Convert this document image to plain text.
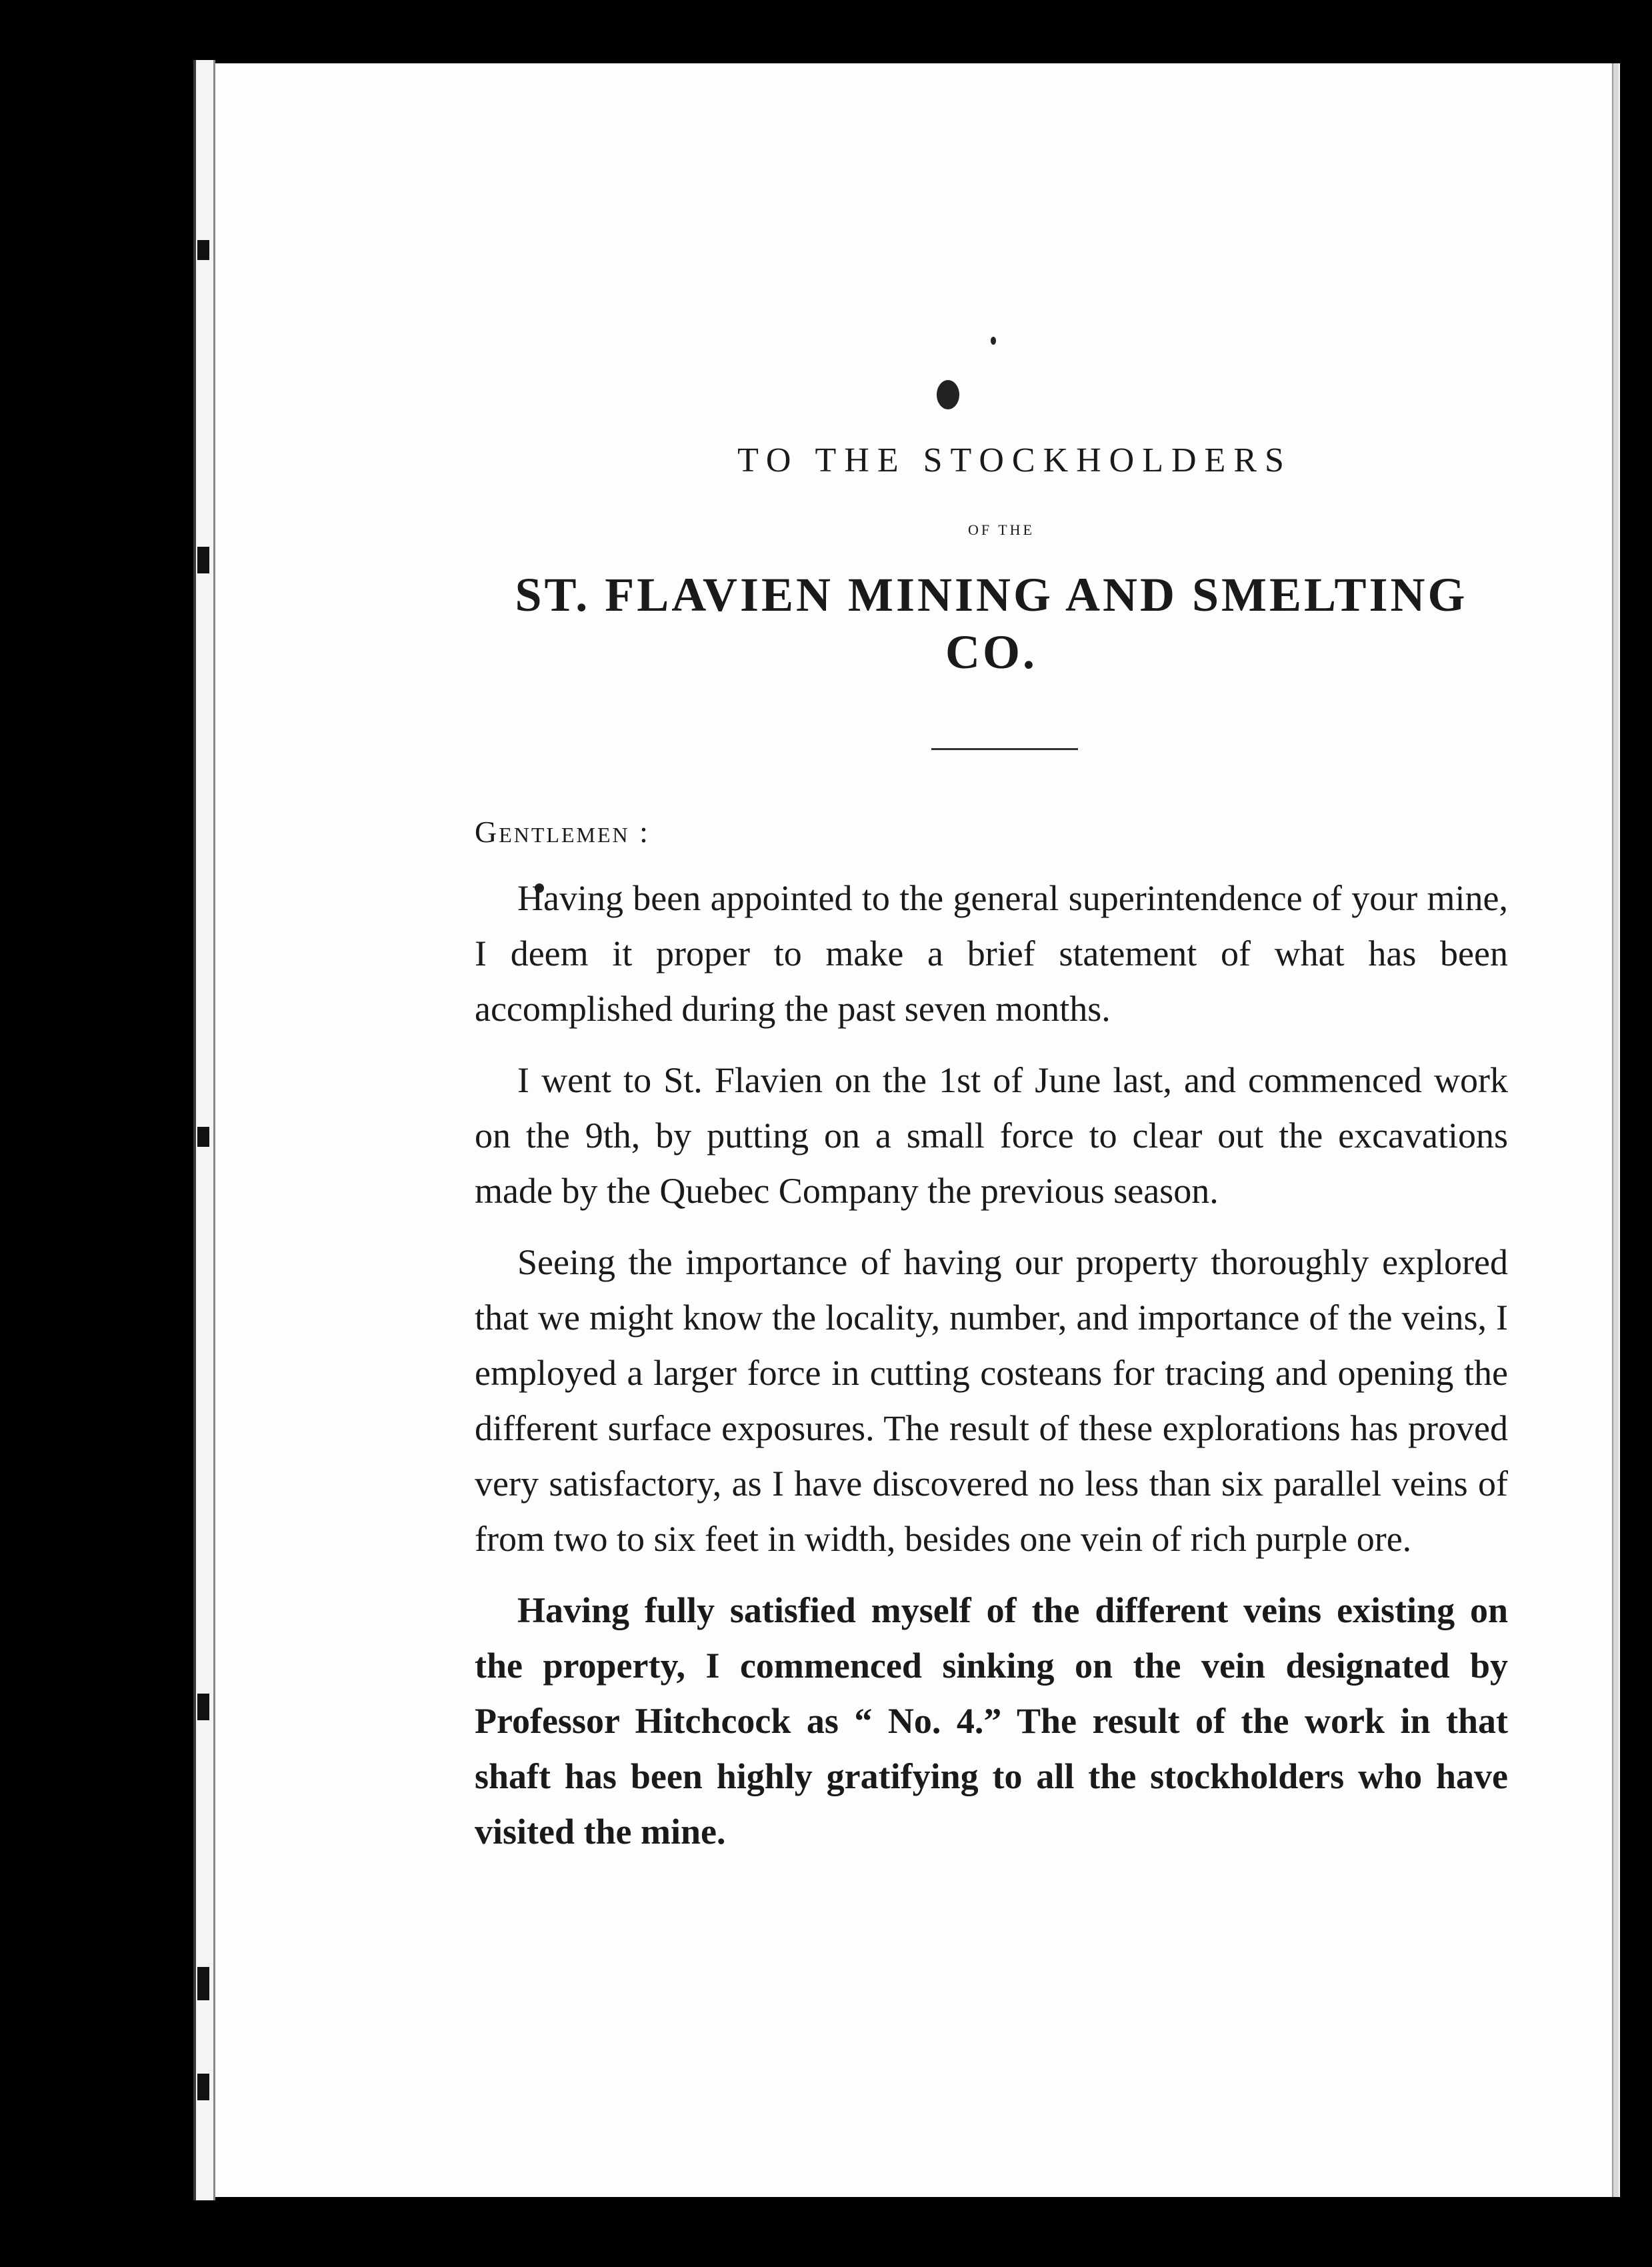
TO THE STOCKHOLDERS
OF THE
ST. FLAVIEN MINING AND SMELTING CO.
Gentlemen :

Having been appointed to the general superintendence of your mine, I deem it proper to make a brief statement of what has been accomplished during the past seven months.

I went to St. Flavien on the 1st of June last, and commenced work on the 9th, by putting on a small force to clear out the excavations made by the Quebec Company the previous season.

Seeing the importance of having our property thoroughly explored that we might know the locality, number, and importance of the veins, I employed a larger force in cutting costeans for tracing and opening the different surface exposures. The result of these explorations has proved very satisfactory, as I have discovered no less than six parallel veins of from two to six feet in width, besides one vein of rich purple ore.

Having fully satisfied myself of the different veins existing on the property, I commenced sinking on the vein designated by Professor Hitchcock as “ No. 4.” The result of the work in that shaft has been highly gratifying to all the stockholders who have visited the mine.
